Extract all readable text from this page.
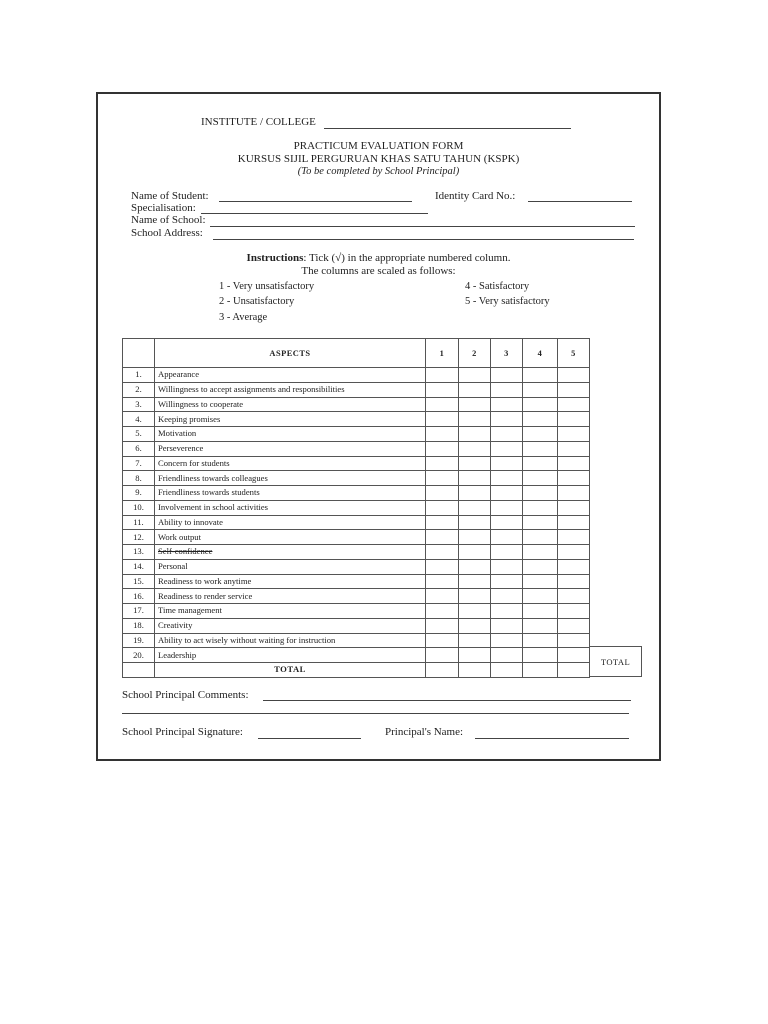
INSTITUTE / COLLEGE
PRACTICUM EVALUATION FORM
KURSUS SIJIL PERGURUAN KHAS SATU TAHUN (KSPK)
(To be completed by School Principal)
Name of Student:	Identity Card No.:
Specialisation:
Name of School:
School Address:
Instructions: Tick (√) in the appropriate numbered column.
The columns are scaled as follows:
1 - Very unsatisfactory
2 - Unsatisfactory
3 - Average
4 - Satisfactory
5 - Very satisfactory
	ASPECTS	1	2	3	4	5
1.	Appearance					
2.	Willingness to accept assignments and responsibilities					
3.	Willingness to cooperate					
4.	Keeping promises					
5.	Motivation					
6.	Perseverence					
7.	Concern for students					
8.	Friendliness towards colleagues					
9.	Friendliness towards students					
10.	Involvement in school activities					
11.	Ability to innovate					
12.	Work output					
13.	Self-confidence					
14.	Personal					
15.	Readiness to work anytime					
16.	Readiness to render service					
17.	Time management					
18.	Creativity					
19.	Ability to act wisely without waiting for instruction					
20.	Leadership					
	TOTAL					
TOTAL
School Principal Comments:
School Principal Signature:	Principal's Name:
